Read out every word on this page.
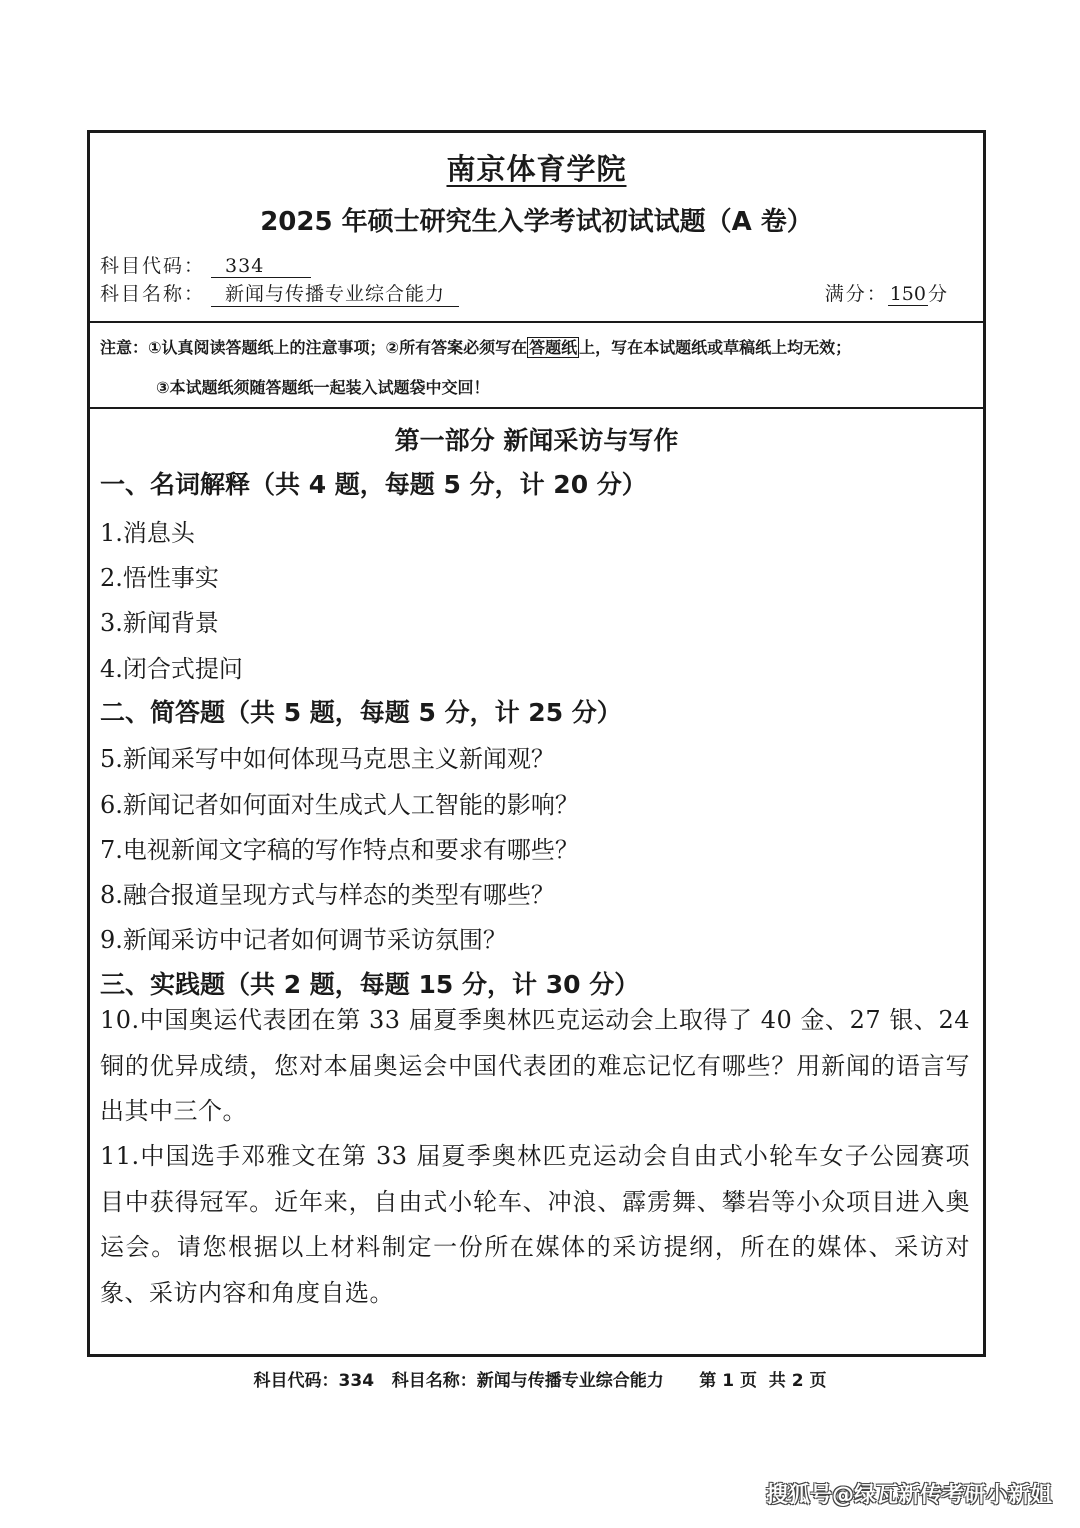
南京体育学院
2025 年硕士研究生入学考试初试试题（A 卷）
科目代码： 334
科目名称： 新闻与传播专业综合能力	满分： 150 分
注意：①认真阅读答题纸上的注意事项；②所有答案必须写在 答题纸 上，写在本试题纸或草稿纸上均无效；
③本试题纸须随答题纸一起装入试题袋中交回！
第一部分 新闻采访与写作
一、名词解释（共 4 题，每题 5 分，计 20 分）
1.消息头
2.悟性事实
3.新闻背景
4.闭合式提问
二、简答题（共 5 题，每题 5 分，计 25 分）
5.新闻采写中如何体现马克思主义新闻观？
6.新闻记者如何面对生成式人工智能的影响？
7.电视新闻文字稿的写作特点和要求有哪些？
8.融合报道呈现方式与样态的类型有哪些？
9.新闻采访中记者如何调节采访氛围？
三、实践题（共 2 题，每题 15 分，计 30 分）
10.中国奥运代表团在第 33 届夏季奥林匹克运动会上取得了 40 金、27 银、24 铜的优异成绩，您对本届奥运会中国代表团的难忘记忆有哪些？用新闻的语言写出其中三个。
11.中国选手邓雅文在第 33 届夏季奥林匹克运动会自由式小轮车女子公园赛项目中获得冠军。近年来，自由式小轮车、冲浪、霹雳舞、攀岩等小众项目进入奥运会。请您根据以上材料制定一份所在媒体的采访提纲，所在的媒体、采访对象、采访内容和角度自选。
科目代码：334   科目名称：新闻与传播专业综合能力      第 1 页  共 2 页
搜狐号@绿瓦新传考研小新姐
